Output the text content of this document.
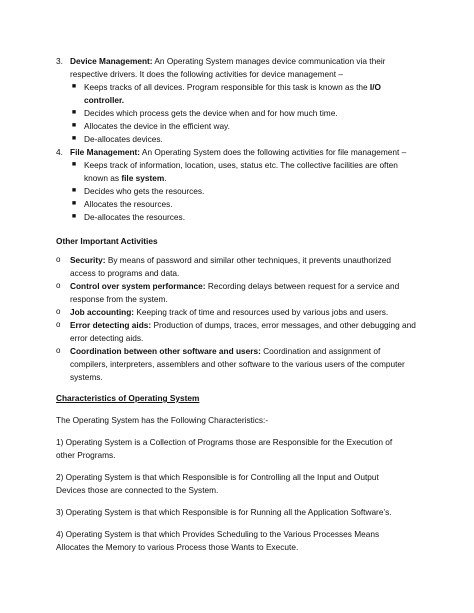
3. Device Management: An Operating System manages device communication via their
respective drivers. It does the following activities for device management –
■ Keeps tracks of all devices. Program responsible for this task is known as the I/O
controller.
■ Decides which process gets the device when and for how much time.
■ Allocates the device in the efficient way.
■ De-allocates devices.
4. File Management: An Operating System does the following activities for file management –
■ Keeps track of information, location, uses, status etc. The collective facilities are often
known as file system.
■ Decides who gets the resources.
■ Allocates the resources.
■ De-allocates the resources.
Other Important Activities
o	Security: By means of password and similar other techniques, it prevents unauthorized
access to programs and data.
o	Control over system performance: Recording delays between request for a service and
response from the system.
o	Job accounting: Keeping track of time and resources used by various jobs and users.
o	Error detecting aids: Production of dumps, traces, error messages, and other debugging and
error detecting aids.
o	Coordination between other software and users: Coordination and assignment of
compilers, interpreters, assemblers and other software to the various users of the computer
systems.
Characteristics of Operating System
The Operating System has the Following Characteristics:-
1) Operating System is a Collection of Programs those are Responsible for the Execution of
other Programs.
2) Operating System is that which Responsible is for Controlling all the Input and Output
Devices those are connected to the System.
3) Operating System is that which Responsible is for Running all the Application Software’s.
4) Operating System is that which Provides Scheduling to the Various Processes Means
Allocates the Memory to various Process those Wants to Execute.
